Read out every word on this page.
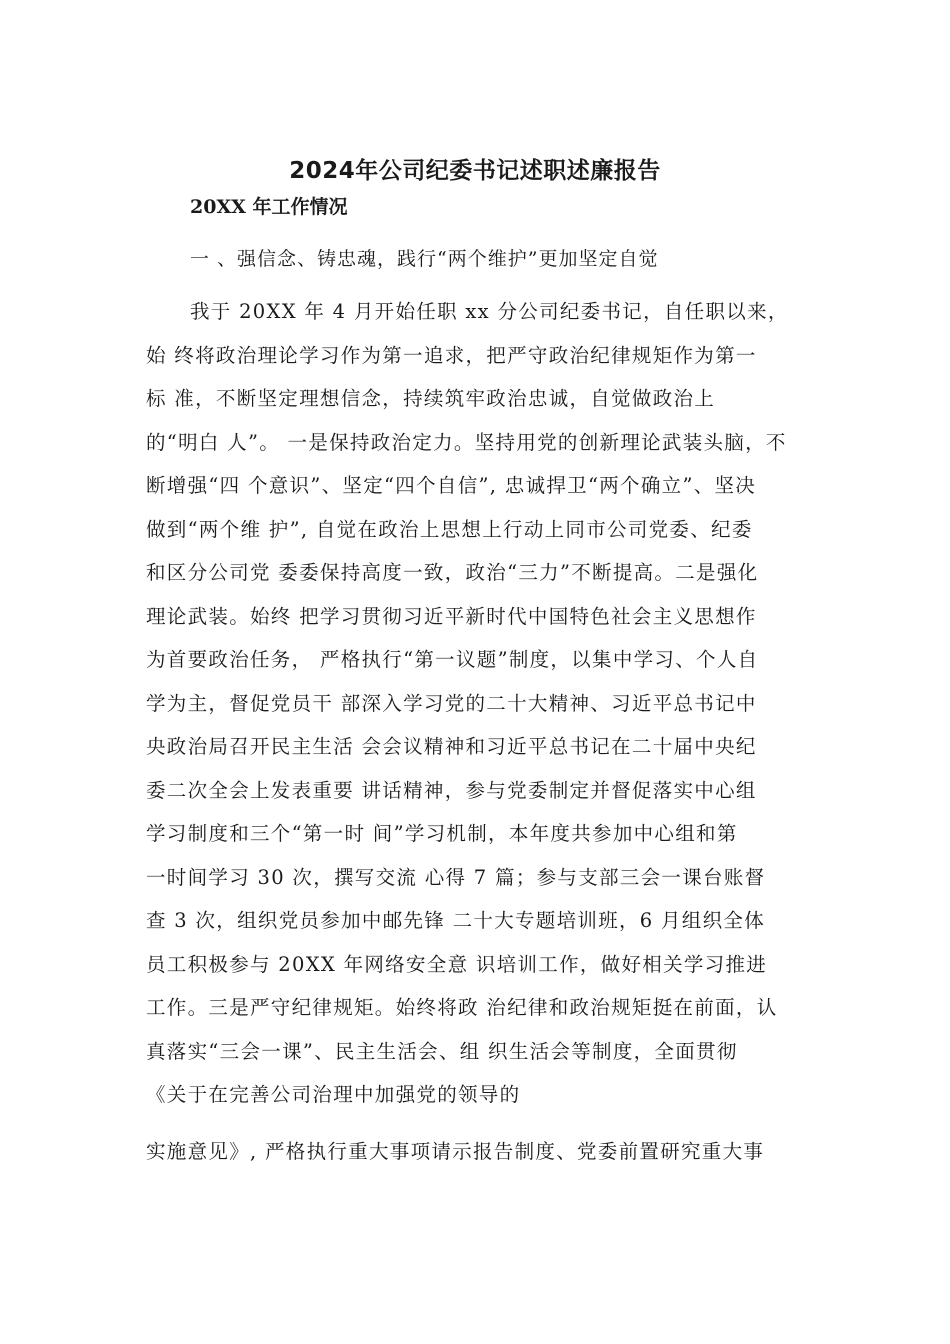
2024年公司纪委书记述职述廉报告
20XX 年工作情况
一 、强信念、铸忠魂，践行“两个维护”更加坚定自觉
我于 20XX 年 4 月开始任职 xx 分公司纪委书记，自任职以来，
始 终将政治理论学习作为第一追求，把严守政治纪律规矩作为第一
标 准，不断坚定理想信念，持续筑牢政治忠诚，自觉做政治上
的“明白 人”。 一是保持政治定力。坚持用党的创新理论武装头脑，不
断增强“四 个意识”、坚定“四个自信”, 忠诚捍卫“两个确立”、坚决
做到“两个维 护”, 自觉在政治上思想上行动上同市公司党委、纪委
和区分公司党 委委保持高度一致，政治“三力”不断提高。二是强化
理论武装。始终 把学习贯彻习近平新时代中国特色社会主义思想作
为首要政治任务， 严格执行“第一议题”制度，以集中学习、个人自
学为主，督促党员干 部深入学习党的二十大精神、习近平总书记中
央政治局召开民主生活 会会议精神和习近平总书记在二十届中央纪
委二次全会上发表重要 讲话精神，参与党委制定并督促落实中心组
学习制度和三个“第一时 间”学习机制，本年度共参加中心组和第
一时间学习 30 次，撰写交流 心得 7 篇；参与支部三会一课台账督
查 3 次，组织党员参加中邮先锋 二十大专题培训班，6 月组织全体
员工积极参与 20XX 年网络安全意 识培训工作，做好相关学习推进
工作。三是严守纪律规矩。始终将政 治纪律和政治规矩挺在前面，认
真落实“三会一课”、民主生活会、组 织生活会等制度，全面贯彻
《关于在完善公司治理中加强党的领导的
实施意见》, 严格执行重大事项请示报告制度、党委前置研究重大事
